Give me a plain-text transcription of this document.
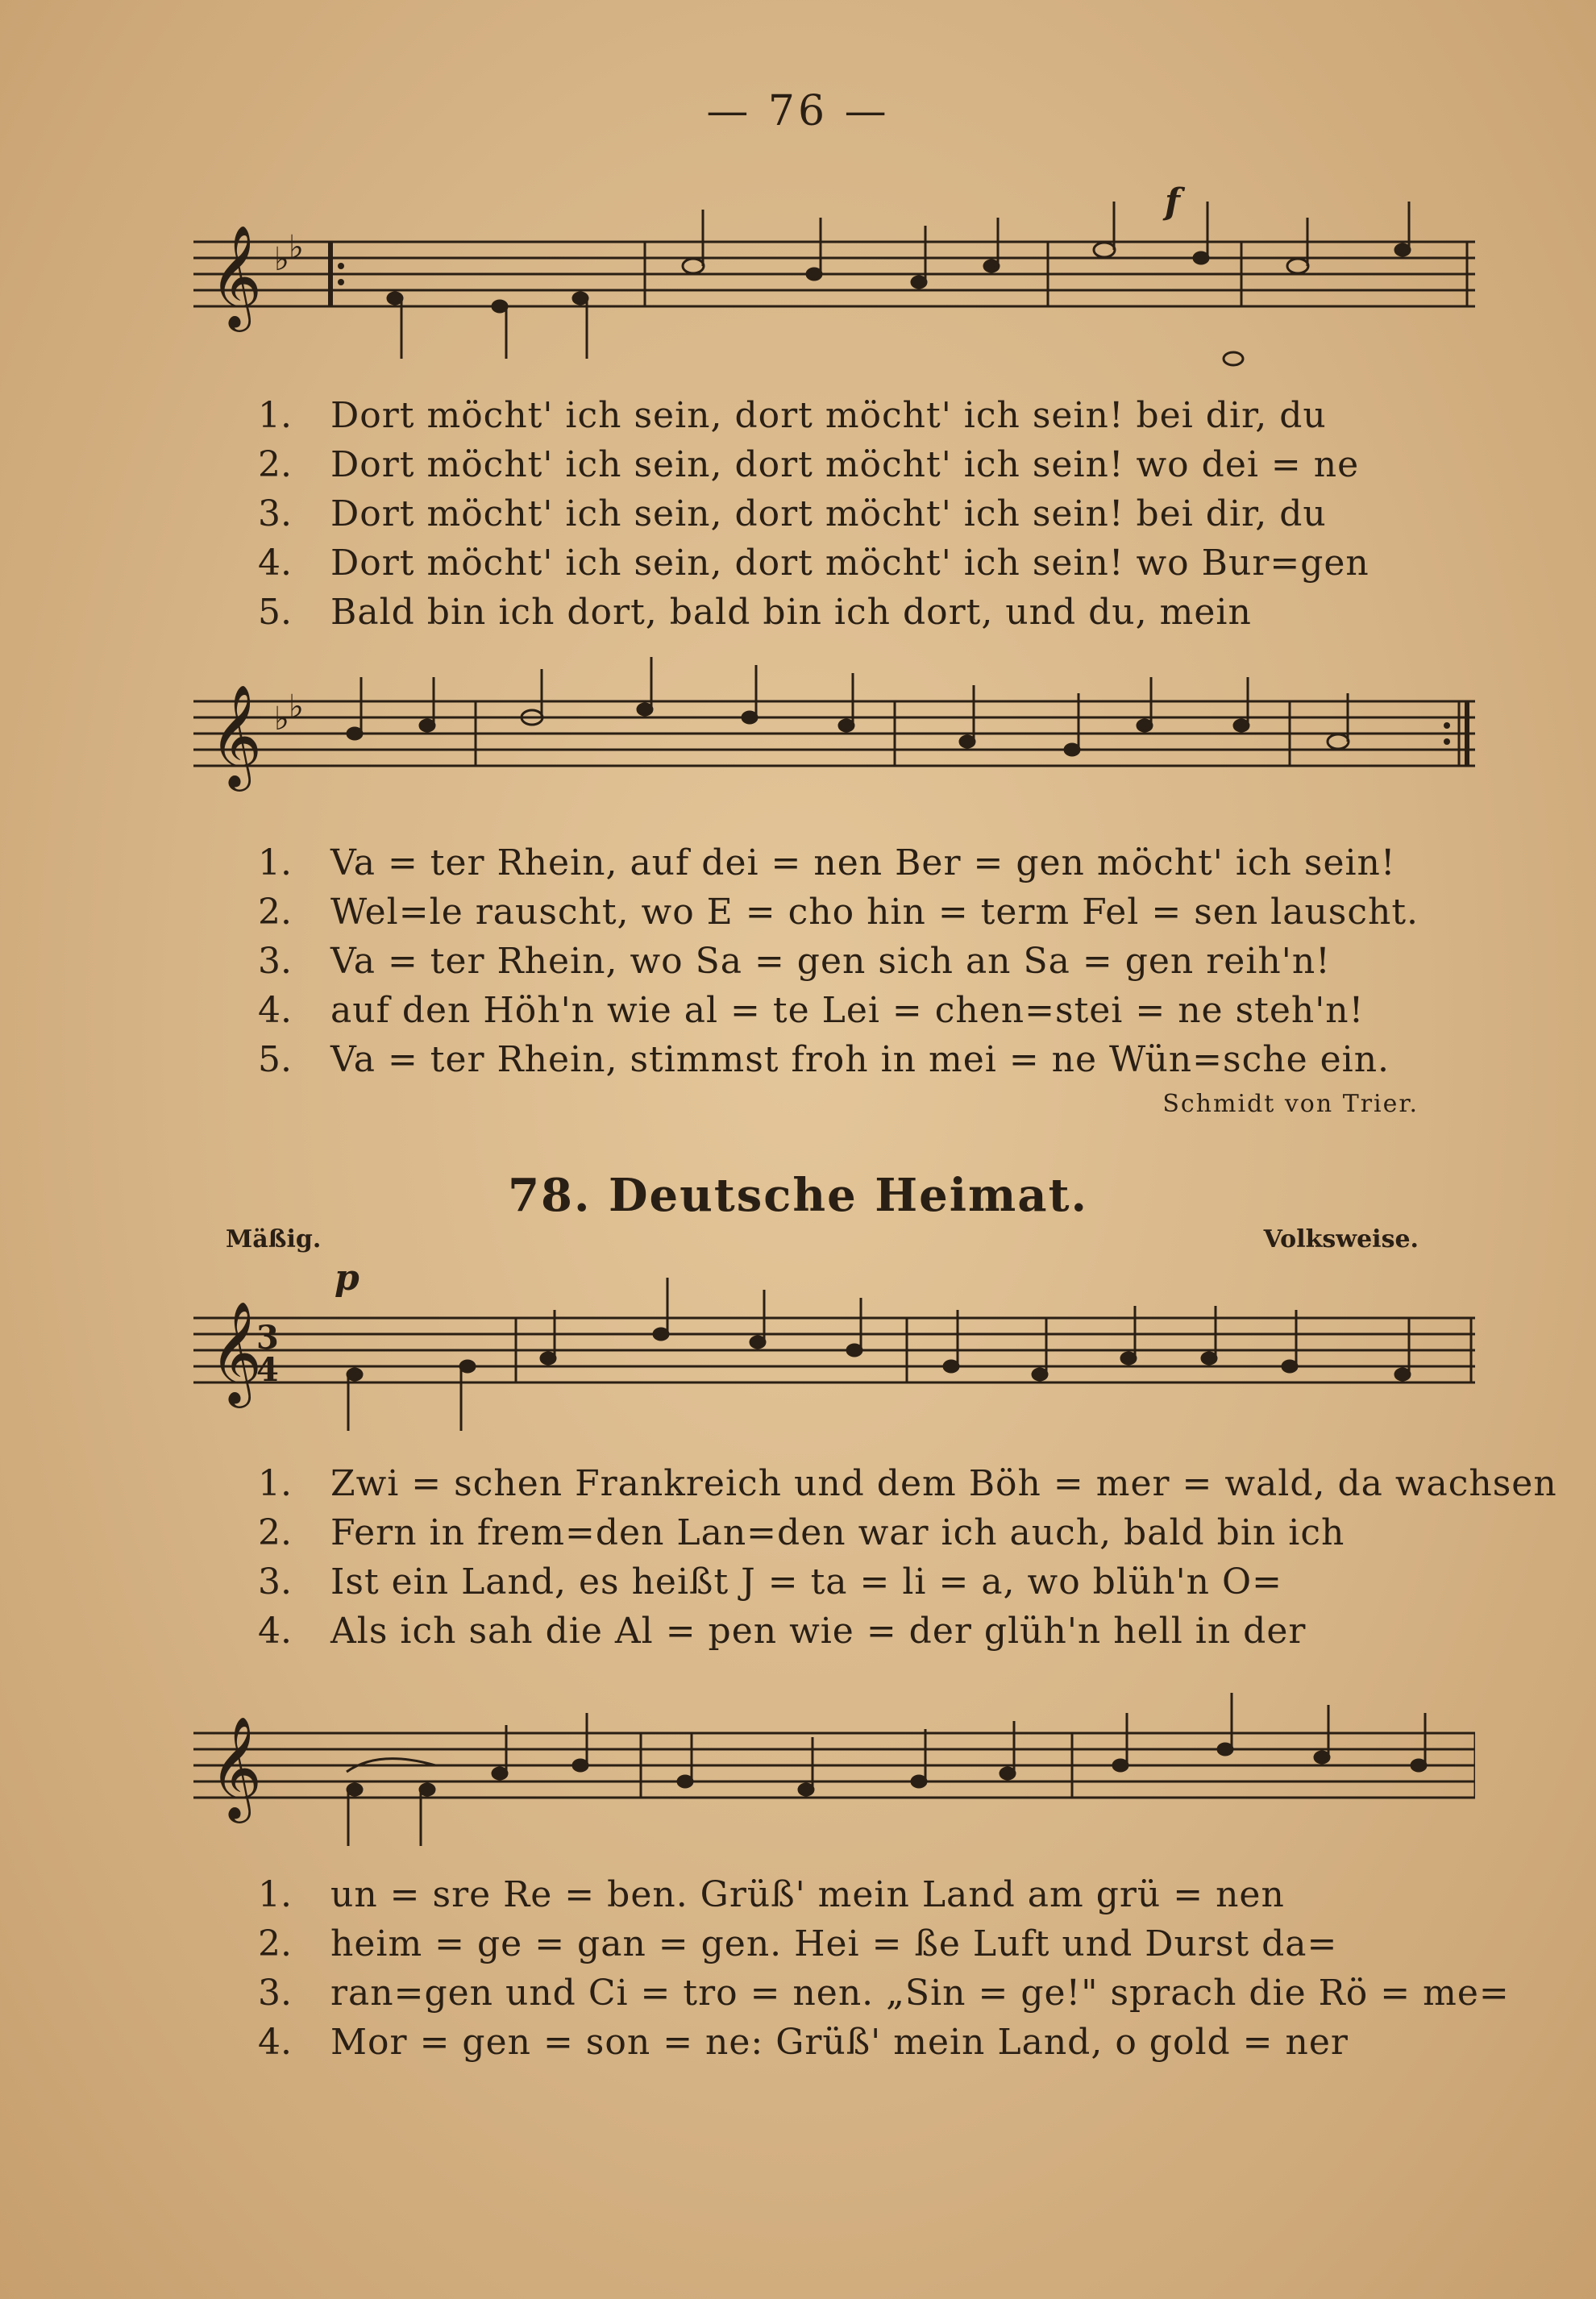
— 76 —
𝄞 ♭ ♭
f
1.	Dort möcht' ich sein, dort möcht' ich sein! bei dir, du
2.	Dort möcht' ich sein, dort möcht' ich sein! wo dei = ne
3.	Dort möcht' ich sein, dort möcht' ich sein! bei dir, du
4.	Dort möcht' ich sein, dort möcht' ich sein! wo Bur=gen
5.	Bald bin ich dort, bald bin ich dort, und du, mein
𝄞 ♭ ♭
1.	Va = ter Rhein, auf dei = nen Ber = gen möcht' ich sein!
2.	Wel=le rauscht, wo E = cho hin = term Fel = sen lauscht.
3.	Va = ter Rhein, wo Sa = gen sich an Sa = gen reih'n!
4.	auf den Höh'n wie al = te Lei = chen=stei = ne steh'n!
5.	Va = ter Rhein, stimmst froh in mei = ne Wün=sche ein.
Schmidt von Trier.
78. Deutsche Heimat.
Mäßig.	Volksweise.
𝄞
3
4
p
1.	Zwi = schen Frankreich und dem Böh = mer = wald, da wachsen
2.	Fern in frem=den Lan=den war ich auch, bald bin ich
3.	Ist ein Land, es heißt J = ta = li = a, wo blüh'n O=
4.	Als ich sah die Al = pen wie = der glüh'n hell in der
𝄞
1.	un = sre Re = ben. Grüß' mein Land am grü = nen
2.	heim = ge = gan = gen. Hei = ße Luft und Durst da=
3.	ran=gen und Ci = tro = nen. „Sin = ge!" sprach die Rö = me=
4.	Mor = gen = son = ne: Grüß' mein Land, o gold = ner
